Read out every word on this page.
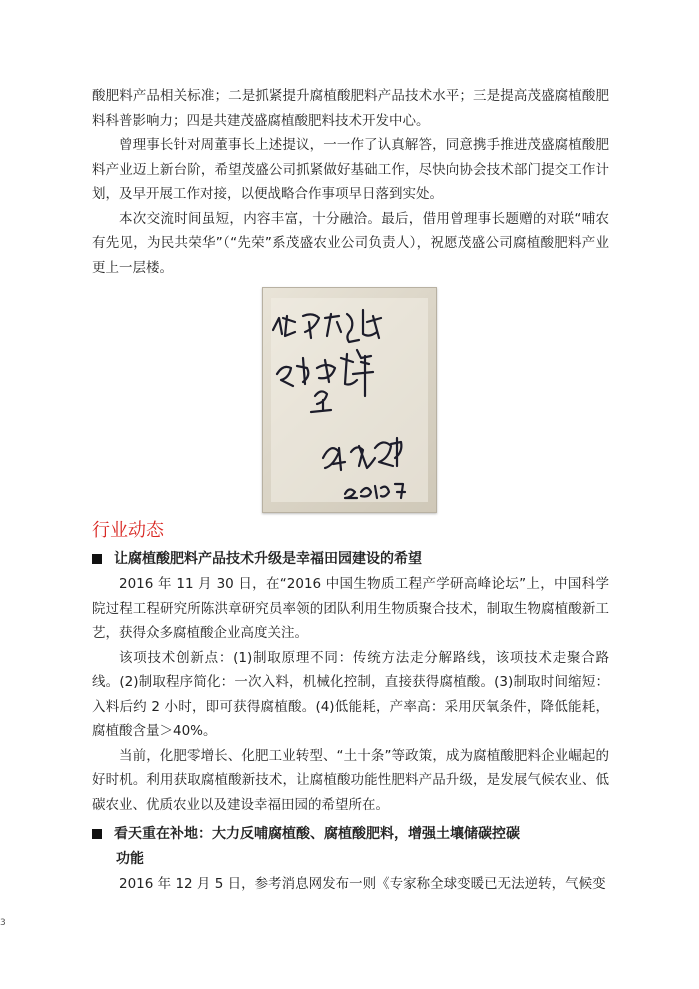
酸肥料产品相关标准；二是抓紧提升腐植酸肥料产品技术水平；三是提高茂盛腐植酸肥料科普影响力；四是共建茂盛腐植酸肥料技术开发中心。

曾理事长针对周董事长上述提议，一一作了认真解答，同意携手推进茂盛腐植酸肥料产业迈上新台阶，希望茂盛公司抓紧做好基础工作，尽快向协会技术部门提交工作计划，及早开展工作对接，以便战略合作事项早日落到实处。

本次交流时间虽短，内容丰富，十分融洽。最后，借用曾理事长题赠的对联“哺农有先见，为民共荣华”（“先荣”系茂盛农业公司负责人），祝愿茂盛公司腐植酸肥料产业更上一层楼。

行业动态
让腐植酸肥料产品技术升级是幸福田园建设的希望

2016 年 11 月 30 日，在“2016 中国生物质工程产学研高峰论坛”上，中国科学院过程工程研究所陈洪章研究员率领的团队利用生物质聚合技术，制取生物腐植酸新工艺，获得众多腐植酸企业高度关注。

该项技术创新点：(1)制取原理不同：传统方法走分解路线，该项技术走聚合路线。(2)制取程序简化：一次入料，机械化控制，直接获得腐植酸。(3)制取时间缩短：入料后约 2 小时，即可获得腐植酸。(4)低能耗，产率高：采用厌氧条件，降低能耗，腐植酸含量＞40%。

当前，化肥零增长、化肥工业转型、“土十条”等政策，成为腐植酸肥料企业崛起的好时机。利用获取腐植酸新技术，让腐植酸功能性肥料产品升级，是发展气候农业、低碳农业、优质农业以及建设幸福田园的希望所在。

看天重在补地：大力反哺腐植酸、腐植酸肥料，增强土壤储碳控碳
功能

2016 年 12 月 5 日，参考消息网发布一则《专家称全球变暖已无法逆转，气候变

3
